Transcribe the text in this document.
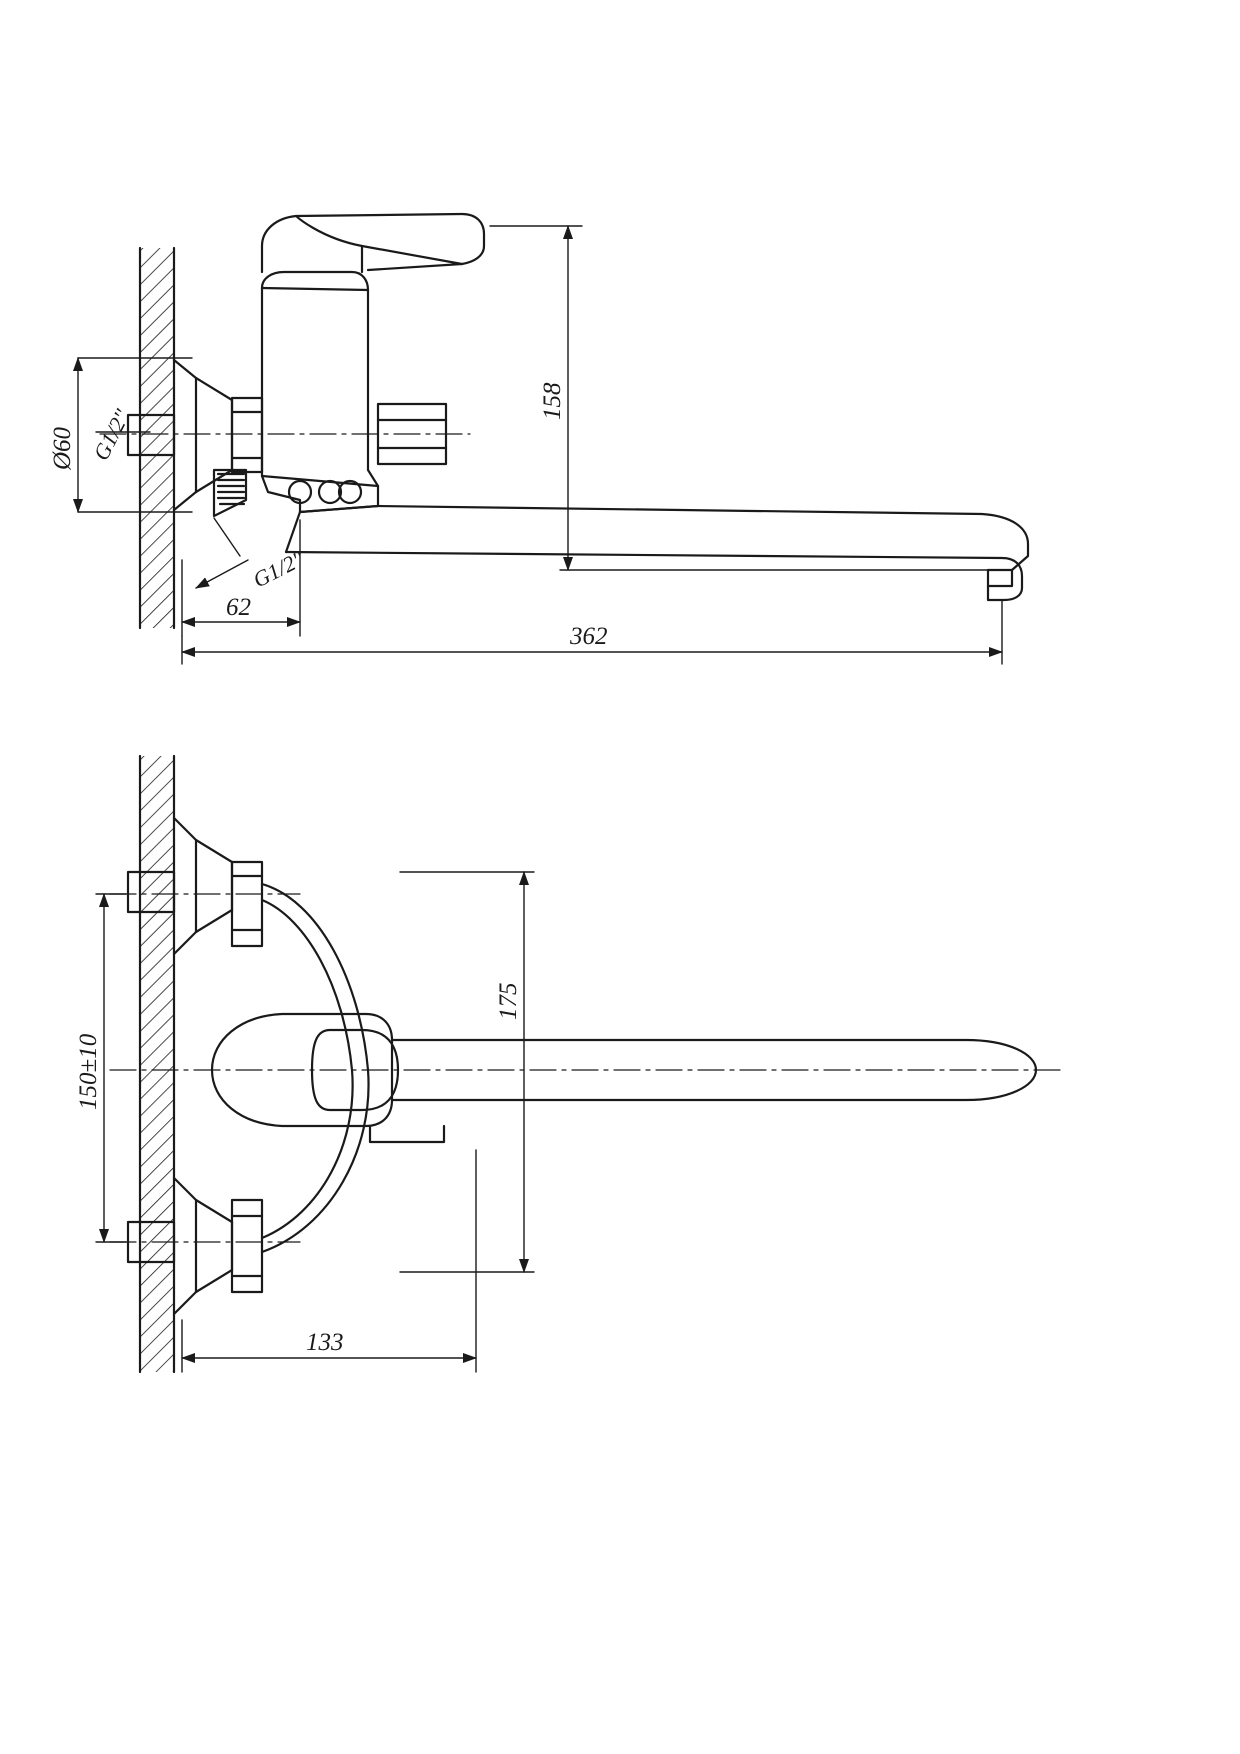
Ø60 G1/2''
G1/2''
62
158
362
150±10
175
133
